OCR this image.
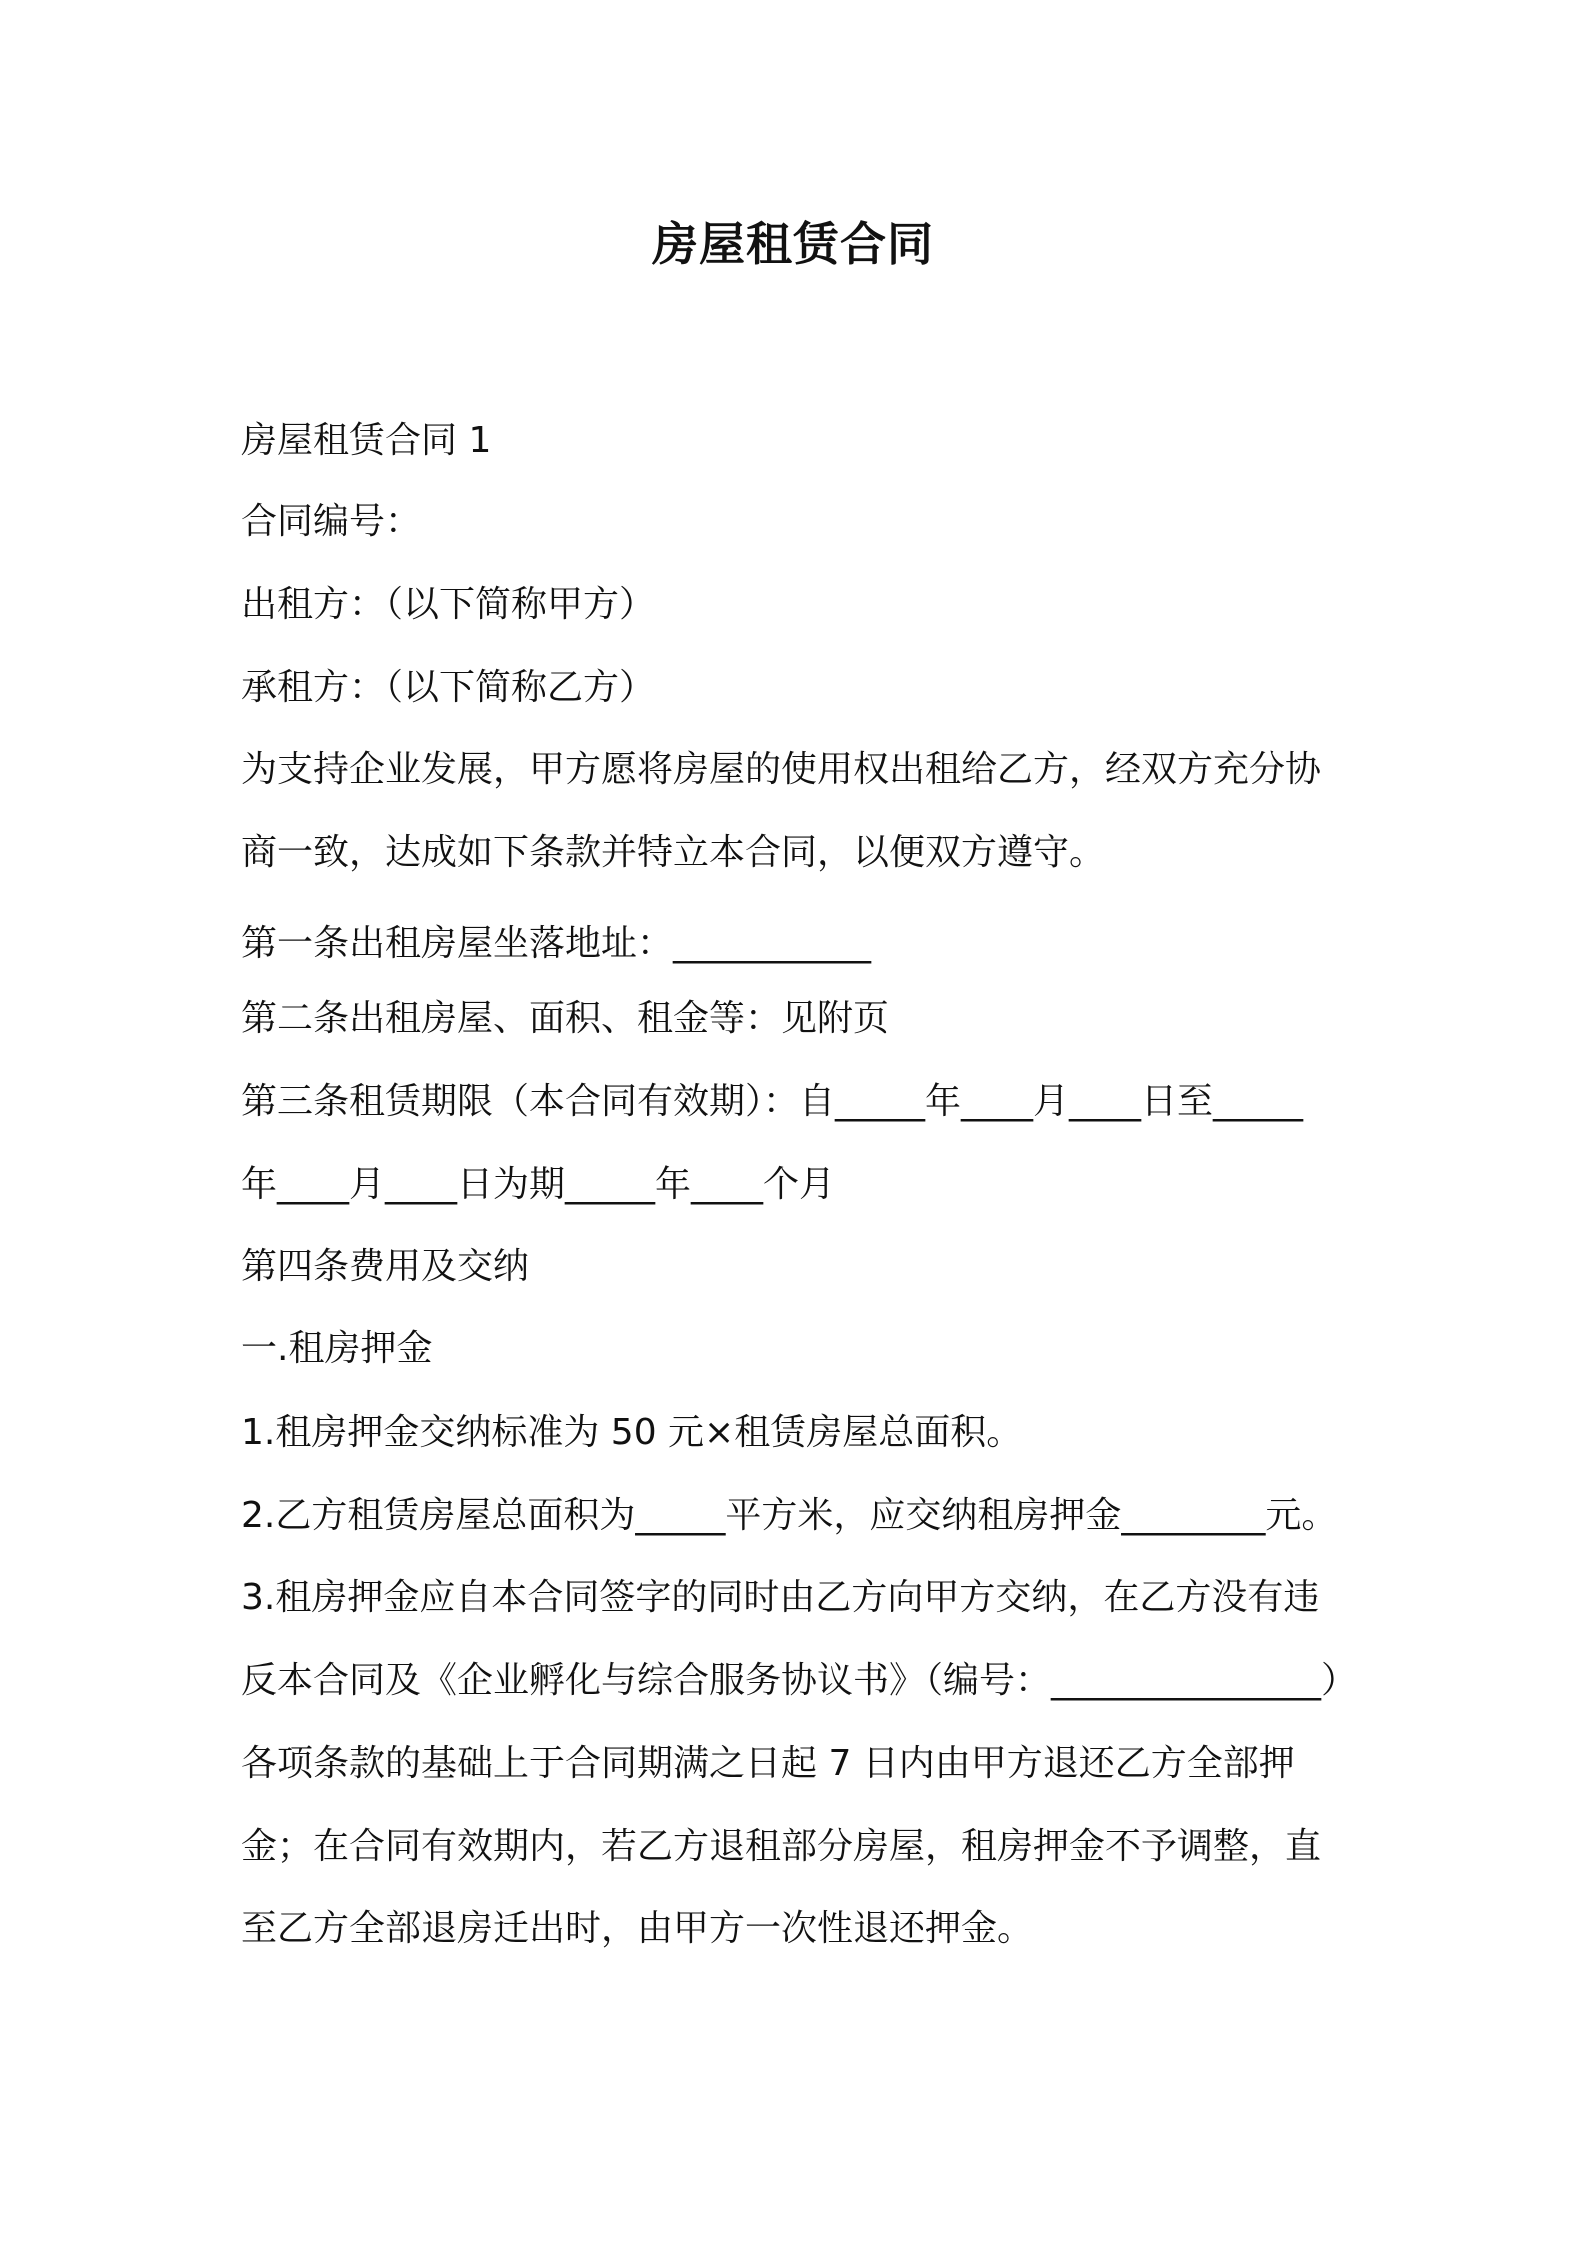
房屋租赁合同
房屋租赁合同 1
合同编号：
出租方：（以下简称甲方）
承租方：（以下简称乙方）
为支持企业发展，甲方愿将房屋的使用权出租给乙方，经双方充分协
商一致，达成如下条款并特立本合同，以便双方遵守。
第一条出租房屋坐落地址：___________
第二条出租房屋、面积、租金等：见附页
第三条租赁期限（本合同有效期）：自_____年____月____日至_____
年____月____日为期_____年____个月
第四条费用及交纳
一.租房押金
1.租房押金交纳标准为 50 元×租赁房屋总面积。
2.乙方租赁房屋总面积为_____平方米，应交纳租房押金________元。
3.租房押金应自本合同签字的同时由乙方向甲方交纳，在乙方没有违
反本合同及《企业孵化与综合服务协议书》（编号：_______________）
各项条款的基础上于合同期满之日起 7 日内由甲方退还乙方全部押
金；在合同有效期内，若乙方退租部分房屋，租房押金不予调整，直
至乙方全部退房迁出时，由甲方一次性退还押金。
